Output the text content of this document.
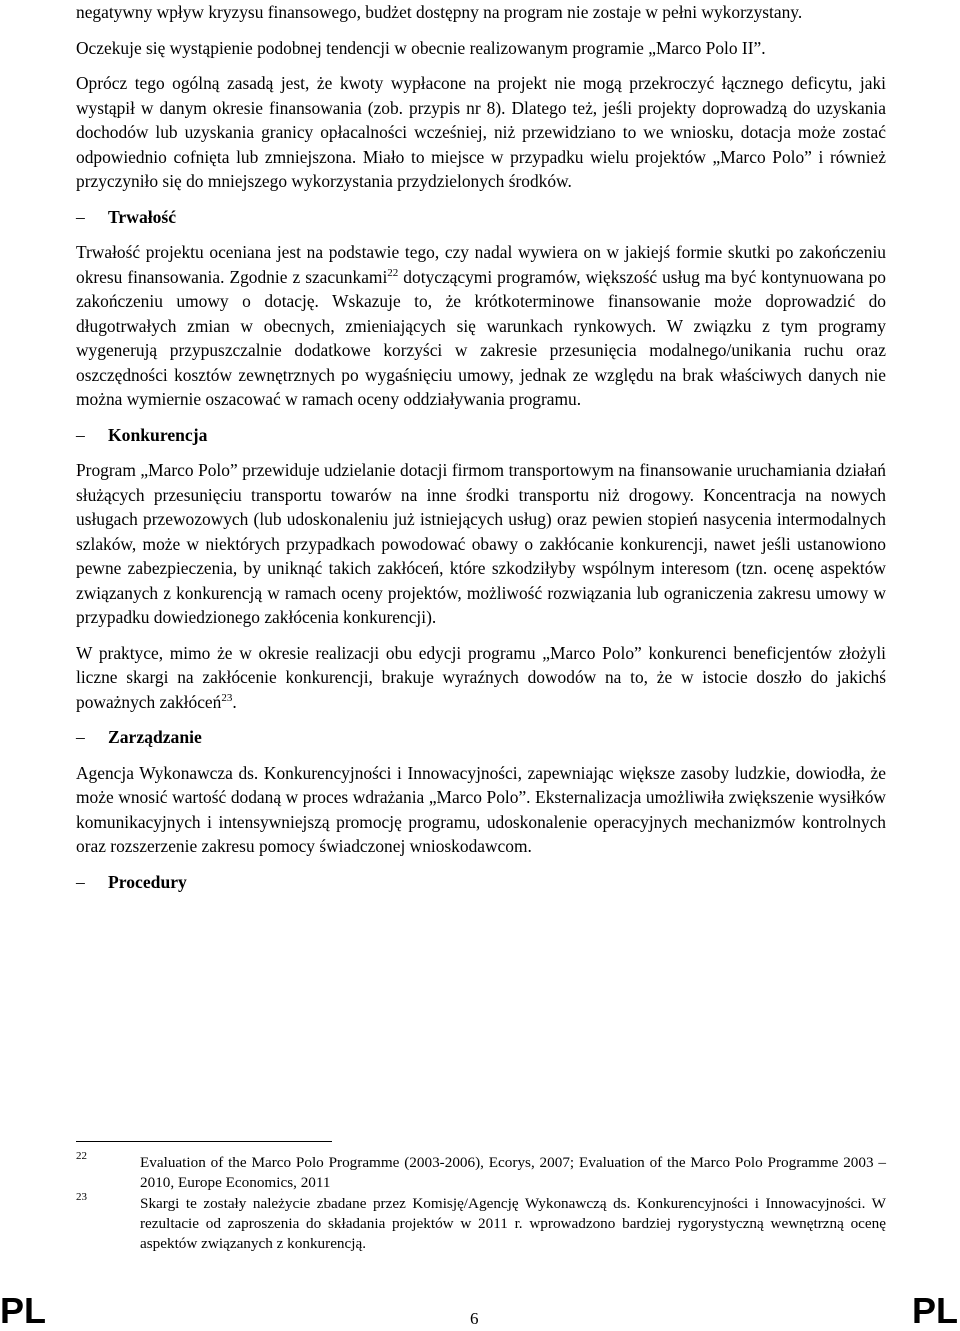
negatywny wpływ kryzysu finansowego, budżet dostępny na program nie zostaje w pełni wykorzystany.

Oczekuje się wystąpienie podobnej tendencji w obecnie realizowanym programie „Marco Polo II”.

Oprócz tego ogólną zasadą jest, że kwoty wypłacone na projekt nie mogą przekroczyć łącznego deficytu, jaki wystąpił w danym okresie finansowania (zob. przypis nr 8). Dlatego też, jeśli projekty doprowadzą do uzyskania dochodów lub uzyskania granicy opłacalności wcześniej, niż przewidziano to we wniosku, dotacja może zostać odpowiednio cofnięta lub zmniejszona. Miało to miejsce w przypadku wielu projektów „Marco Polo” i również przyczyniło się do mniejszego wykorzystania przydzielonych środków.

– Trwałość

Trwałość projektu oceniana jest na podstawie tego, czy nadal wywiera on w jakiejś formie skutki po zakończeniu okresu finansowania. Zgodnie z szacunkami$^{22}$ dotyczącymi programów, większość usług ma być kontynuowana po zakończeniu umowy o dotację. Wskazuje to, że krótkoterminowe finansowanie może doprowadzić do długotrwałych zmian w obecnych, zmieniających się warunkach rynkowych. W związku z tym programy wygenerują przypuszczalnie dodatkowe korzyści w zakresie przesunięcia modalnego/unikania ruchu oraz oszczędności kosztów zewnętrznych po wygaśnięciu umowy, jednak ze względu na brak właściwych danych nie można wymiernie oszacować w ramach oceny oddziaływania programu.

– Konkurencja

Program „Marco Polo” przewiduje udzielanie dotacji firmom transportowym na finansowanie uruchamiania działań służących przesunięciu transportu towarów na inne środki transportu niż drogowy. Koncentracja na nowych usługach przewozowych (lub udoskonaleniu już istniejących usług) oraz pewien stopień nasycenia intermodalnych szlaków, może w niektórych przypadkach powodować obawy o zakłócanie konkurencji, nawet jeśli ustanowiono pewne zabezpieczenia, by uniknąć takich zakłóceń, które szkodziłyby wspólnym interesom (tzn. ocenę aspektów związanych z konkurencją w ramach oceny projektów, możliwość rozwiązania lub ograniczenia zakresu umowy w przypadku dowiedzionego zakłócenia konkurencji).

W praktyce, mimo że w okresie realizacji obu edycji programu „Marco Polo” konkurenci beneficjentów złożyli liczne skargi na zakłócenie konkurencji, brakuje wyraźnych dowodów na to, że w istocie doszło do jakichś poważnych zakłóceń$^{23}$.

– Zarządzanie

Agencja Wykonawcza ds. Konkurencyjności i Innowacyjności, zapewniając większe zasoby ludzkie, dowiodła, że może wnosić wartość dodaną w proces wdrażania „Marco Polo”. Eksternalizacja umożliwiła zwiększenie wysiłków komunikacyjnych i intensywniejszą promocję programu, udoskonalenie operacyjnych mechanizmów kontrolnych oraz rozszerzenie zakresu pomocy świadczonej wnioskodawcom.

– Procedury
22	Evaluation of the Marco Polo Programme (2003-2006), Ecorys, 2007; Evaluation of the Marco Polo Programme 2003 – 2010, Europe Economics, 2011
23	Skargi te zostały należycie zbadane przez Komisję/Agencję Wykonawczą ds. Konkurencyjności i Innowacyjności. W rezultacie od zaproszenia do składania projektów w 2011 r. wprowadzono bardziej rygorystyczną wewnętrzną ocenę aspektów związanych z konkurencją.
PL	6	PL
